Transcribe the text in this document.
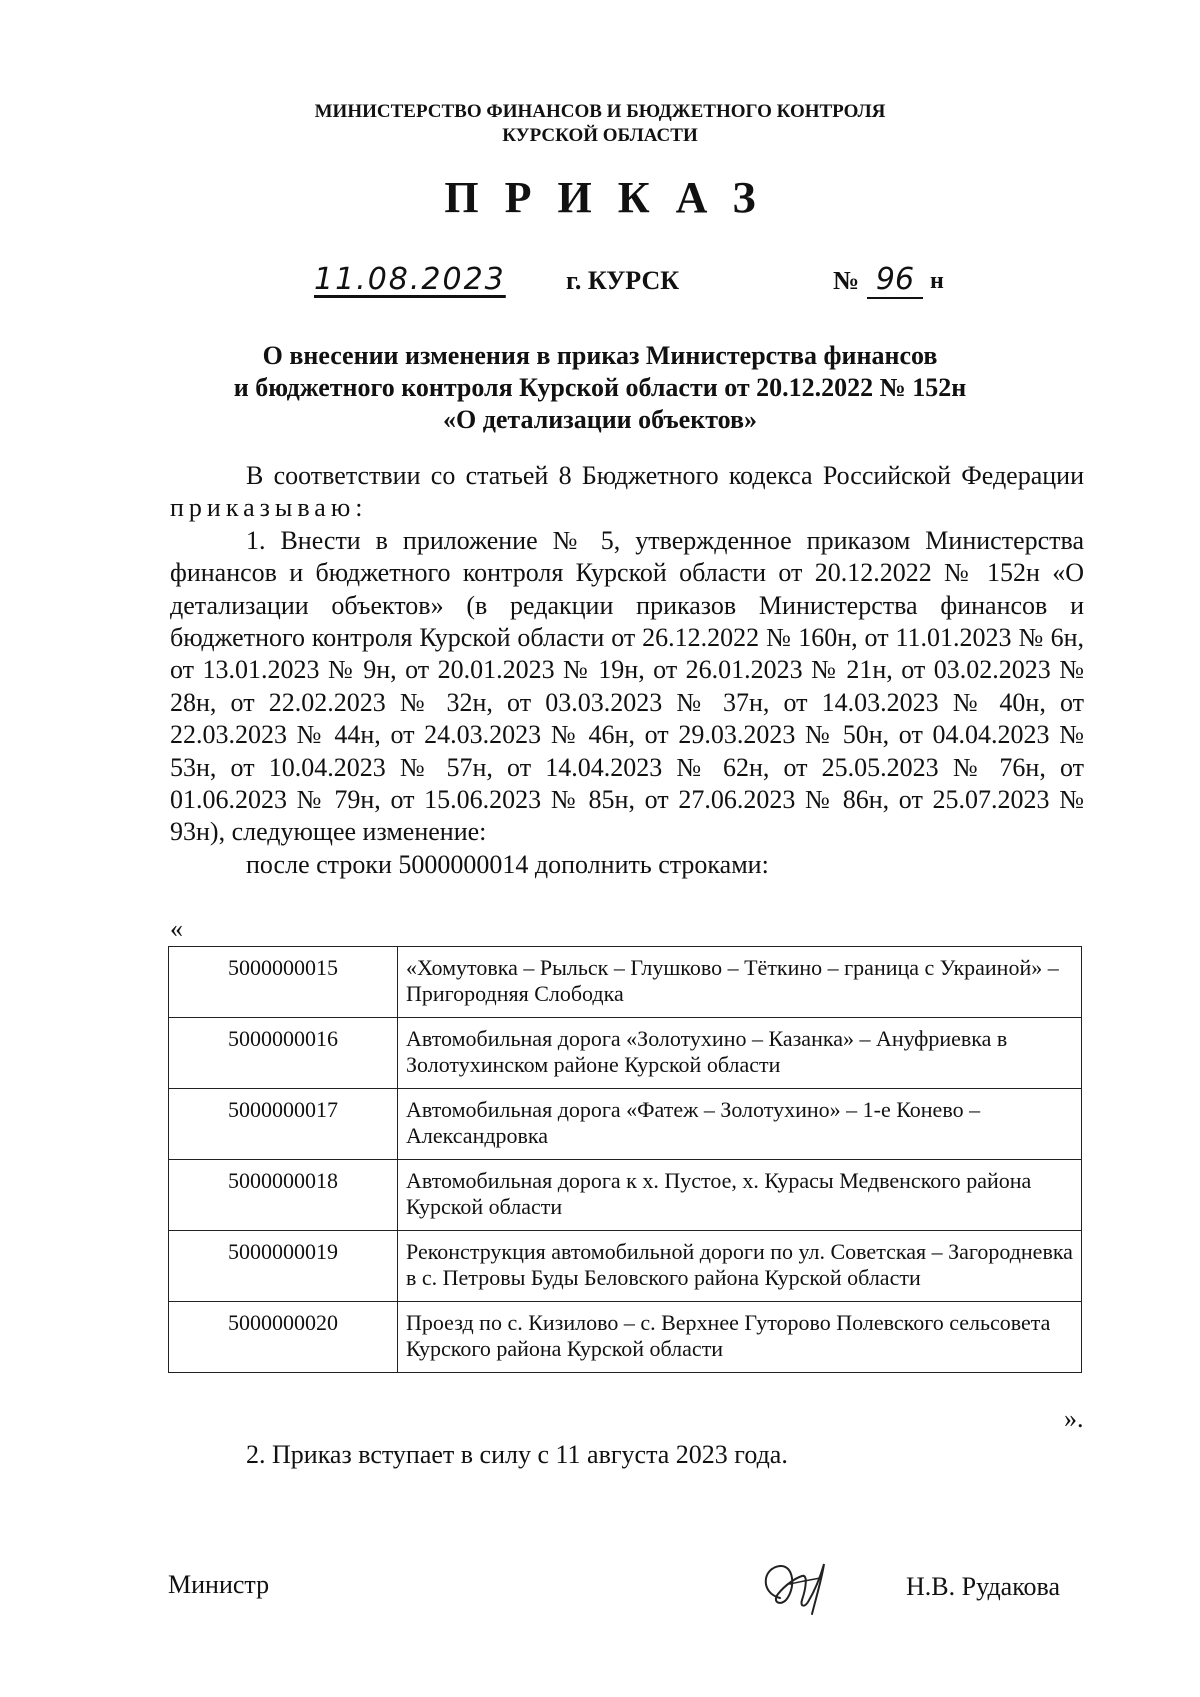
МИНИСТЕРСТВО ФИНАНСОВ И БЮДЖЕТНОГО КОНТРОЛЯ
КУРСКОЙ ОБЛАСТИ
ПРИКАЗ
11.08.2023 г. КУРСК	№ 96 н
О внесении изменения в приказ Министерства финансов
и бюджетного контроля Курской области от 20.12.2022 № 152н
«О детализации объектов»

В соответствии со статьей 8 Бюджетного кодекса Российской Федерации приказываю:

1. Внести в приложение № 5, утвержденное приказом Министерства финансов и бюджетного контроля Курской области от 20.12.2022 № 152н «О детализации объектов» (в редакции приказов Министерства финансов и бюджетного контроля Курской области от 26.12.2022 № 160н, от 11.01.2023 № 6н, от 13.01.2023 № 9н, от 20.01.2023 № 19н, от 26.01.2023 № 21н, от 03.02.2023 № 28н, от 22.02.2023 № 32н, от 03.03.2023 № 37н, от 14.03.2023 № 40н, от 22.03.2023 № 44н, от 24.03.2023 № 46н, от 29.03.2023 № 50н, от 04.04.2023 № 53н, от 10.04.2023 № 57н, от 14.04.2023 № 62н, от 25.05.2023 № 76н, от 01.06.2023 № 79н, от 15.06.2023 № 85н, от 27.06.2023 № 86н, от 25.07.2023 № 93н), следующее изменение:

после строки 5000000014 дополнить строками:

«
5000000015	«Хомутовка – Рыльск – Глушково – Тёткино – граница с Украиной» – Пригородняя Слободка
5000000016	Автомобильная дорога «Золотухино – Казанка» – Ануфриевка в Золотухинском районе Курской области
5000000017	Автомобильная дорога «Фатеж – Золотухино» – 1-е Конево – Александровка
5000000018	Автомобильная дорога к х. Пустое, х. Курасы Медвенского района Курской области
5000000019	Реконструкция автомобильной дороги по ул. Советская – Загородневка в с. Петровы Буды Беловского района Курской области
5000000020	Проезд по с. Кизилово – с. Верхнее Гуторово Полевского сельсовета Курского района Курской области
».
2. Приказ вступает в силу с 11 августа 2023 года.
Министр	Н.В. Рудакова
